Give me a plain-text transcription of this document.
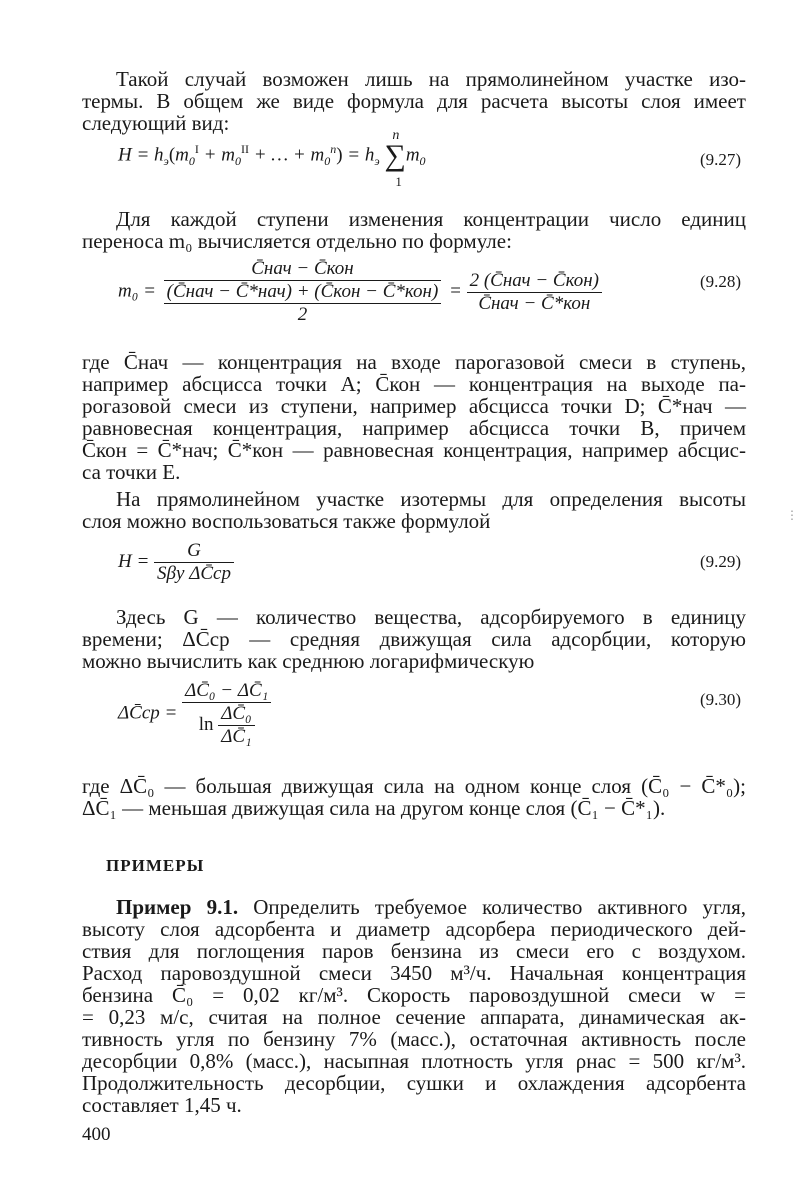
Такой случай возможен лишь на прямолинейном участке изо-
термы. В общем же виде формула для расчета высоты слоя имеет
следующий вид:
$H = h_э(m_0^I + m_0^{II}$ + … + $m_0^n) = h_э$ ∑
n
1
$m_0$	(9.27)
Для каждой ступени изменения концентрации число единиц
переноса m₀ вычисляется отдельно по формуле:
m₀ =
C̄нач − C̄кон
$\frac{\text{(C̄нач − C̄*нач) + (C̄кон − C̄*кон)}}{2} = \frac{\text{2 (C̄нач − C̄кон)}}{\text{C̄нач − C̄*кон}}$	(9.28)
где C̄нач — концентрация на входе парогазовой смеси в ступень,
например абсцисса точки A; C̄кон — концентрация на выходе па-
рогазовой смеси из ступени, например абсцисса точки D; C̄*нач —
равновесная концентрация, например абсцисса точки B, причем
C̄кон = C̄*нач; C̄*кон — равновесная концентрация, например абсцис-
са точки E.
На прямолинейном участке изотермы для определения высоты
слоя можно воспользоваться также формулой
$H = \frac{G}{\text{Sβy ΔC̄ср}}$	(9.29)
Здесь G — количество вещества, адсорбируемого в единицу
времени; ΔC̄ср — средняя движущая сила адсорбции, которую
можно вычислить как среднюю логарифмическую
ΔC̄ср = $\frac{\text{ΔC̄₀ − ΔC̄₁}}{\ln \frac{\text{ΔC̄₀}}{\text{ΔC̄₁}}}$	(9.30)
где ΔC̄₀ — большая движущая сила на одном конце слоя (C̄₀ − C̄*₀);
ΔC̄₁ — меньшая движущая сила на другом конце слоя (C̄₁ − C̄*₁).
ПРИМЕРЫ
Пример 9.1. Определить требуемое количество активного угля,
высоту слоя адсорбента и диаметр адсорбера периодического дей-
ствия для поглощения паров бензина из смеси его с воздухом.
Расход паровоздушной смеси 3450 м³/ч. Начальная концентрация
бензина C̄₀ = 0,02 кг/м³. Скорость паровоздушной смеси w =
= 0,23 м/с, считая на полное сечение аппарата, динамическая ак-
тивность угля по бензину 7% (масс.), остаточная активность после
десорбции 0,8% (масс.), насыпная плотность угля ρнас = 500 кг/м³.
Продолжительность десорбции, сушки и охлаждения адсорбента
составляет 1,45 ч.
400
⋮
